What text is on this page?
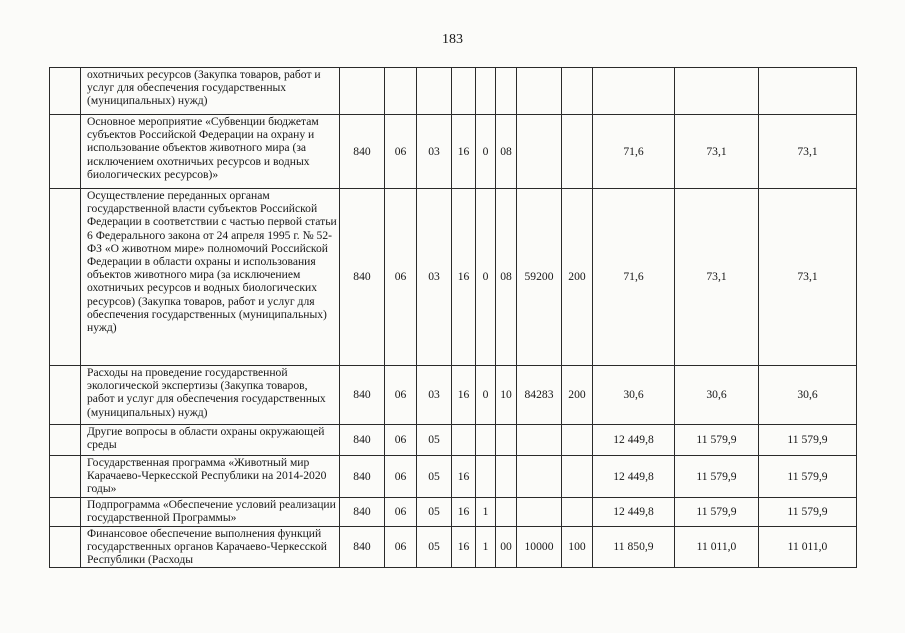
183
	охотничьих ресурсов (Закупка товаров, работ и услуг для обеспечения государственных (муниципальных) нужд)											
	Основное мероприятие «Субвенции бюджетам субъектов Российской Федерации на охрану и использование объектов животного мира (за исключением охотничьих ресурсов и водных биологических ресурсов)»	840	06	03	16	0	08			71,6	73,1	73,1
	Осуществление переданных органам государственной власти субъектов Российской Федерации в соответствии с частью первой статьи 6 Федерального закона от 24 апреля 1995 г. № 52-ФЗ «О животном мире» полномочий Российской Федерации в области охраны и использования объектов животного мира (за исключением охотничьих ресурсов и водных биологических ресурсов) (Закупка товаров, работ и услуг для обеспечения государственных (муниципальных) нужд)	840	06	03	16	0	08	59200	200	71,6	73,1	73,1
	Расходы на проведение государственной экологической экспертизы (Закупка товаров, работ и услуг для обеспечения государственных (муниципальных) нужд)	840	06	03	16	0	10	84283	200	30,6	30,6	30,6
	Другие вопросы в области охраны окружающей среды	840	06	05						12 449,8	11 579,9	11 579,9
	Государственная программа «Животный мир Карачаево-Черкесской Республики на 2014-2020 годы»	840	06	05	16					12 449,8	11 579,9	11 579,9
	Подпрограмма «Обеспечение условий реализации государственной Программы»	840	06	05	16	1				12 449,8	11 579,9	11 579,9
	Финансовое обеспечение выполнения функций государственных органов Карачаево-Черкесской Республики (Расходы	840	06	05	16	1	00	10000	100	11 850,9	11 011,0	11 011,0
